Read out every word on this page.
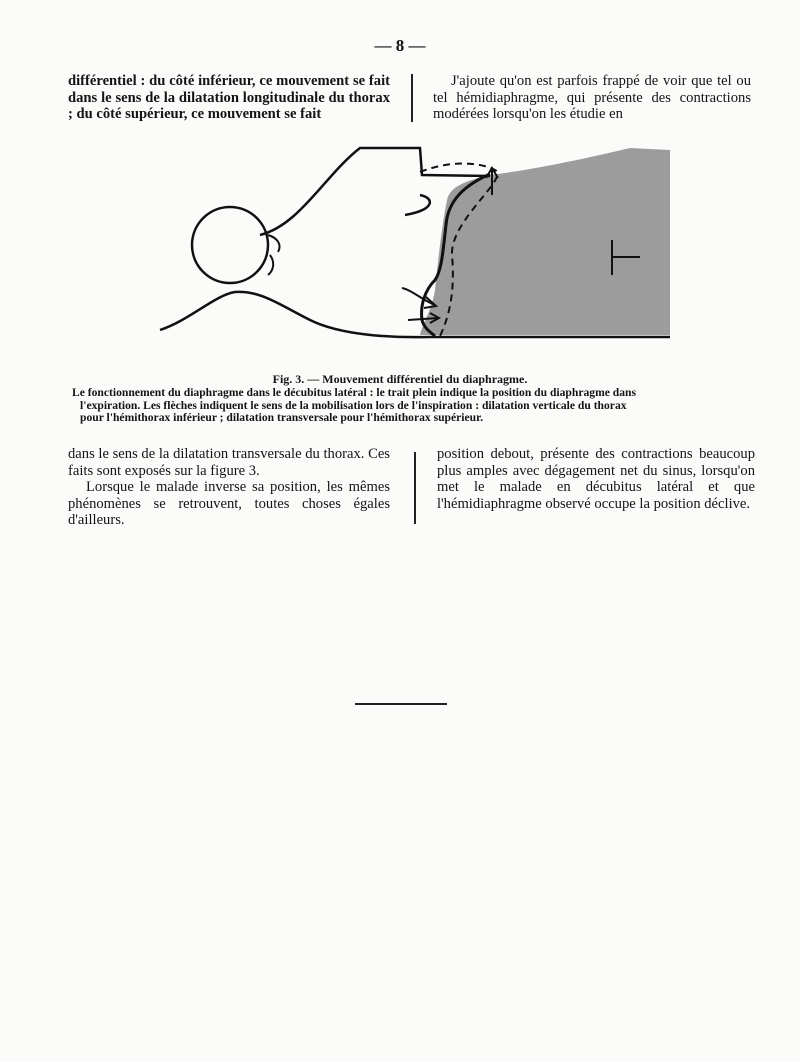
— 8 —

différentiel : du côté inférieur, ce mouvement se fait dans le sens de la dilatation longitudinale du thorax ; du côté supérieur, ce mouvement se fait

J'ajoute qu'on est parfois frappé de voir que tel ou tel hémidiaphragme, qui présente des contractions modérées lorsqu'on les étudie en

Fig. 3. — Mouvement différentiel du diaphragme.
Le fonctionnement du diaphragme dans le décubitus latéral : le trait plein indique la position du diaphragme dans
l'expiration. Les flèches indiquent le sens de la mobilisation lors de l'inspiration : dilatation verticale du thorax
pour l'hémithorax inférieur ; dilatation transversale pour l'hémithorax supérieur.

dans le sens de la dilatation transversale du thorax. Ces faits sont exposés sur la figure 3.

Lorsque le malade inverse sa position, les mêmes phénomènes se retrouvent, toutes choses égales d'ailleurs.

position debout, présente des contractions beaucoup plus amples avec dégagement net du sinus, lorsqu'on met le malade en décubitus latéral et que l'hémidiaphragme observé occupe la position déclive.
